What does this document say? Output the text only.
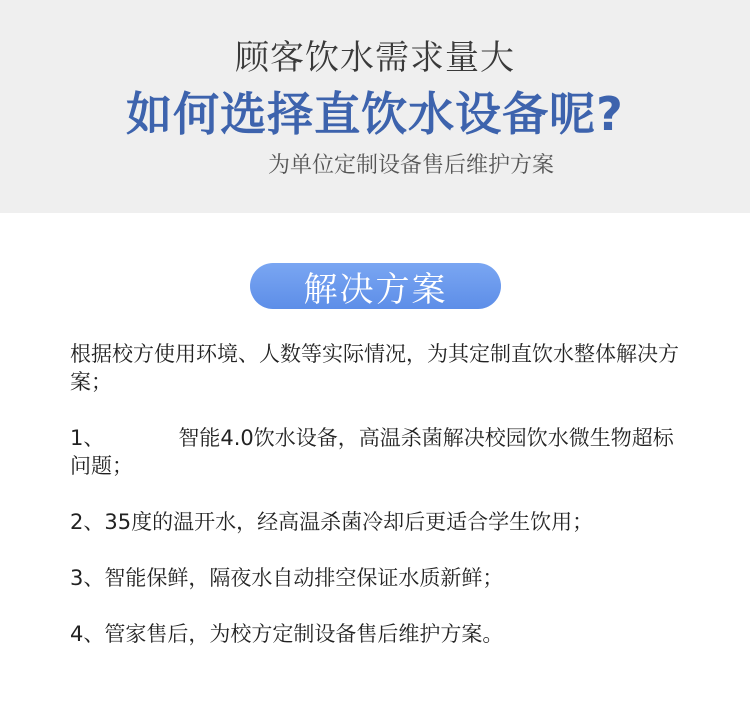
顾客饮水需求量大
如何选择直饮水设备呢?
为单位定制设备售后维护方案
解决方案
根据校方使用环境、人数等实际情况，为其定制直饮水整体解决方案；
1、	智能4.0饮水设备，高温杀菌解决校园饮水微生物超标问题；
2、35度的温开水，经高温杀菌冷却后更适合学生饮用；
3、智能保鲜，隔夜水自动排空保证水质新鲜；
4、管家售后，为校方定制设备售后维护方案。
